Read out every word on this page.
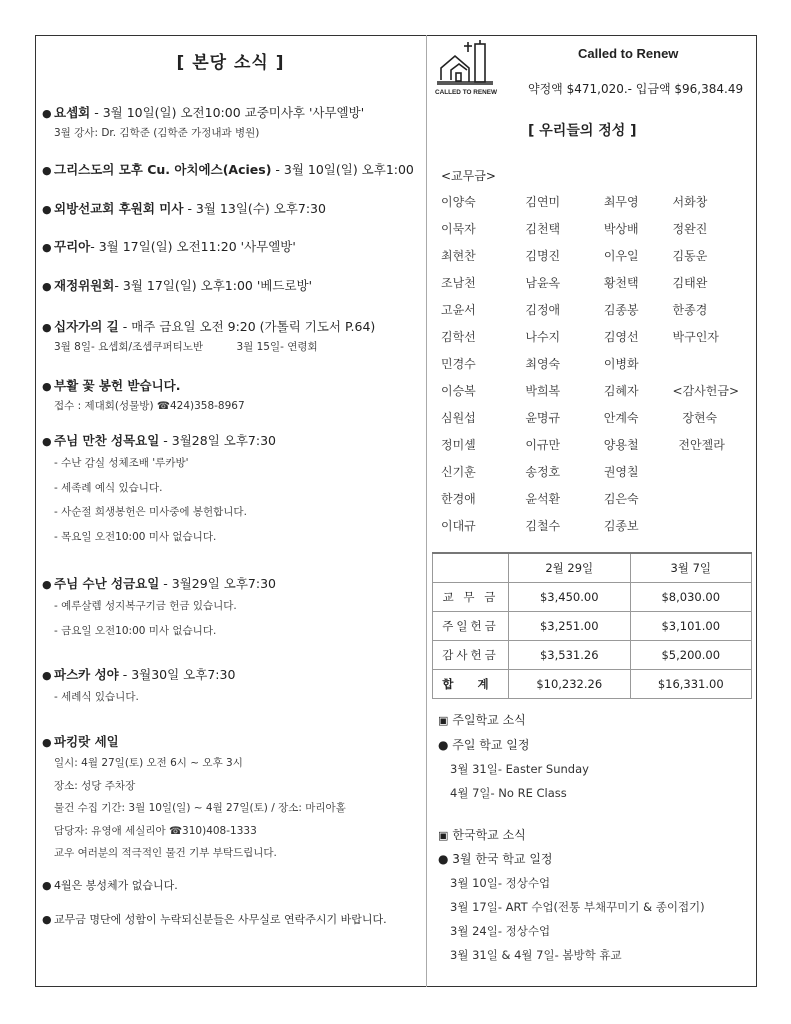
[ 본당 소식 ]
● 요셉회 - 3월 10일(일) 오전10:00 교중미사후 '사무엘방'
3월 강사: Dr. 김학준 (김학준 가정내과 병원)
● 그리스도의 모후 Cu. 아치에스(Acies) - 3월 10일(일) 오후1:00
● 외방선교회 후원회 미사 - 3월 13일(수) 오후7:30
● 꾸리아- 3월 17일(일) 오전11:20 '사무엘방'
● 재정위원회- 3월 17일(일) 오후1:00 '베드로방'
● 십자가의 길 - 매주 금요일 오전 9:20 (가톨릭 기도서 P.64)
3월 8일- 요셉회/조셉쿠퍼티노반          3월 15일- 연령회
● 부활 꽃 봉헌 받습니다.
접수 : 제대회(성물방) ☎424)358-8967
● 주님 만찬 성목요일 - 3월28일 오후7:30
- 수난 감실 성체조배 '루카방'
- 세족례 예식 있습니다.
- 사순절 희생봉헌은 미사중에 봉헌합니다.
- 목요일 오전10:00 미사 없습니다.
● 주님 수난 성금요일 - 3월29일 오후7:30
- 예루살렘 성지복구기금 헌금 있습니다.
- 금요일 오전10:00 미사 없습니다.
● 파스카 성야 - 3월30일 오후7:30
- 세례식 있습니다.
● 파킹랏 세일
일시: 4월 27일(토) 오전 6시 ~ 오후 3시
장소: 성당 주차장
물건 수집 기간: 3월 10일(일) ~ 4월 27일(토) / 장소: 마리아홀
담당자: 유영애 세실리아 ☎310)408-1333
교우 여러분의 적극적인 물건 기부 부탁드립니다.
● 4월은 봉성체가 없습니다.
● 교무금 명단에 성함이 누락되신분들은 사무실로 연락주시기 바랍니다.
CALLED TO RENEW
Called to Renew
약정액 $471,020.- 입금액 $96,384.49
[ 우리들의 정성 ]
<교무금>
이양숙	김연미	최무영	서화창
이묵자	김천택	박상배	정완진
최현찬	김명진	이우일	김동운
조남천	남윤옥	황천택	김태완
고윤서	김정애	김종봉	한종경
김학선	나수지	김영선	박구인자
민경수	최영숙	이병화
이승복	박희복	김혜자	<감사헌금>
심원섭	윤명규	안계숙	장현숙
정미셸	이규만	양용철	전안젤라
신기훈	송정호	권영칠
한경애	윤석환	김은숙
이대규	김철수	김종보
	2월 29일	3월 7일
교 무 금	$3,450.00	$8,030.00
주일헌금	$3,251.00	$3,101.00
감사헌금	$3,531.26	$5,200.00
합 계	$10,232.26	$16,331.00
▣ 주일학교 소식
● 주일 학교 일정
3월 31일- Easter Sunday
4월 7일- No RE Class
▣ 한국학교 소식
● 3월 한국 학교 일정
3월 10일- 정상수업
3월 17일- ART 수업(전통 부채꾸미기 & 종이접기)
3월 24일- 정상수업
3월 31일 & 4월 7일- 봄방학 휴교
